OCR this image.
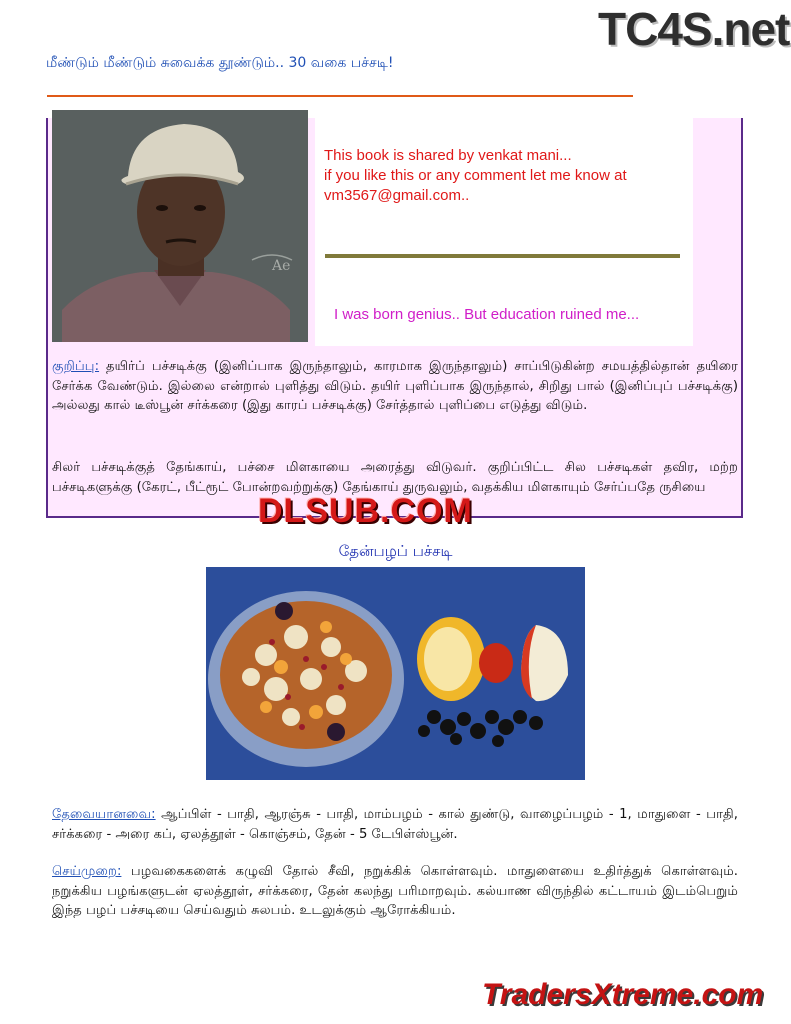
TC4S.net
மீண்டும் மீண்டும் சுவைக்க தூண்டும்.. 30 வகை பச்சடி!
Ae
This book is shared by venkat mani...
if you like this or any comment let me know at
vm3567@gmail.com..
I was born genius.. But education ruined me...
குறிப்பு: தயிர்ப் பச்சடிக்கு (இனிப்பாக இருந்தாலும், காரமாக இருந்தாலும்) சாப்பிடுகின்ற சமயத்தில்தான் தயிரை சேர்க்க வேண்டும். இல்லை என்றால் புளித்து விடும். தயிர் புளிப்பாக இருந்தால், சிறிது பால் (இனிப்புப் பச்சடிக்கு) அல்லது கால் டீஸ்பூன் சர்க்கரை (இது காரப் பச்சடிக்கு) சேர்த்தால் புளிப்பை எடுத்து விடும்.
சிலர் பச்சடிக்குத் தேங்காய், பச்சை மிளகாயை அரைத்து விடுவர். குறிப்பிட்ட சில பச்சடிகள் தவிர, மற்ற பச்சடிகளுக்கு (கேரட், பீட்ரூட் போன்றவற்றுக்கு) தேங்காய் துருவலும், வதக்கிய மிளகாயும் சேர்ப்பதே ருசியை
DLSUB.COM
தேன்பழப் பச்சடி
தேவையானவை: ஆப்பிள் - பாதி, ஆரஞ்சு - பாதி, மாம்பழம் - கால் துண்டு, வாழைப்பழம் - 1, மாதுளை - பாதி, சர்க்கரை - அரை கப், ஏலத்தூள் - கொஞ்சம், தேன் - 5 டேபிள்ஸ்பூன்.
செய்முறை: பழவகைகளைக் கழுவி தோல் சீவி, நறுக்கிக் கொள்ளவும். மாதுளையை உதிர்த்துக் கொள்ளவும். நறுக்கிய பழங்களுடன் ஏலத்தூள், சர்க்கரை, தேன் கலந்து பரிமாறவும். கல்யாண விருந்தில் கட்டாயம் இடம்பெறும் இந்த பழப் பச்சடியை செய்வதும் சுலபம். உடலுக்கும் ஆரோக்கியம்.
TradersXtreme.com
